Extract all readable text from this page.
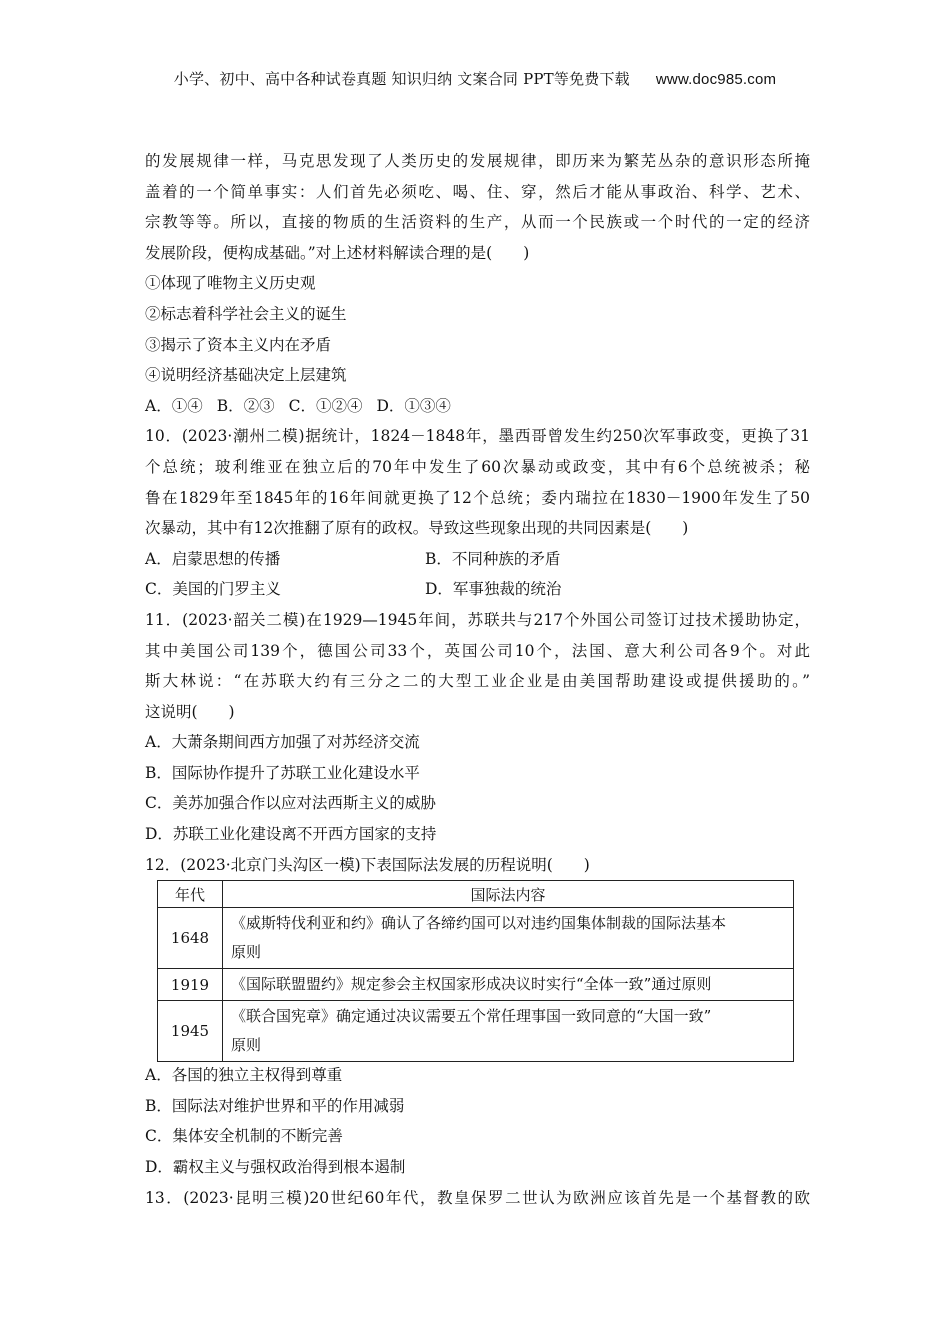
小学、初中、高中各种试卷真题 知识归纳 文案合同 PPT等免费下载 www.doc985.com
的发展规律一样，马克思发现了人类历史的发展规律，即历来为繁芜丛杂的意识形态所掩
盖着的一个简单事实：人们首先必须吃、喝、住、穿，然后才能从事政治、科学、艺术、
宗教等等。所以，直接的物质的生活资料的生产，从而一个民族或一个时代的一定的经济
发展阶段，便构成基础。”对上述材料解读合理的是(　　)
①体现了唯物主义历史观
②标志着科学社会主义的诞生
③揭示了资本主义内在矛盾
④说明经济基础决定上层建筑
A．①④ B．②③ C．①②④ D．①③④
10．(2023·潮州二模)据统计，1824－1848年，墨西哥曾发生约250次军事政变，更换了31
个总统；玻利维亚在独立后的70年中发生了60次暴动或政变，其中有6个总统被杀；秘
鲁在1829年至1845年的16年间就更换了12个总统；委内瑞拉在1830－1900年发生了50
次暴动，其中有12次推翻了原有的政权。导致这些现象出现的共同因素是(　　)
A．启蒙思想的传播	B．不同种族的矛盾
C．美国的门罗主义	D．军事独裁的统治
11．(2023·韶关二模)在1929—1945年间，苏联共与217个外国公司签订过技术援助协定，
其中美国公司139个，德国公司33个，英国公司10个，法国、意大利公司各9个。对此
斯大林说：“在苏联大约有三分之二的大型工业企业是由美国帮助建设或提供援助的。”
这说明(　　)
A．大萧条期间西方加强了对苏经济交流
B．国际协作提升了苏联工业化建设水平
C．美苏加强合作以应对法西斯主义的威胁
D．苏联工业化建设离不开西方国家的支持
12．(2023·北京门头沟区一模)下表国际法发展的历程说明(　　)
年代	国际法内容
1648	《威斯特伐利亚和约》确认了各缔约国可以对违约国集体制裁的国际法基本
原则

1919	《国际联盟盟约》规定参会主权国家形成决议时实行“全体一致”通过原则

1945	《联合国宪章》确定通过决议需要五个常任理事国一致同意的“大国一致”
原则
A．各国的独立主权得到尊重
B．国际法对维护世界和平的作用减弱
C．集体安全机制的不断完善
D．霸权主义与强权政治得到根本遏制
13．(2023·昆明三模)20世纪60年代，教皇保罗二世认为欧洲应该首先是一个基督教的欧
